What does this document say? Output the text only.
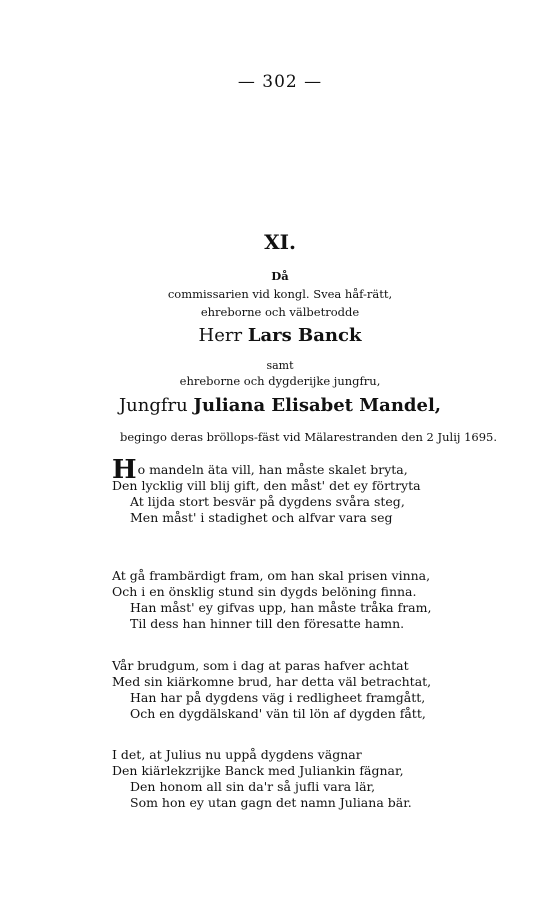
— 302 —
XI.
Då
commissarien vid kongl. Svea håf-rätt,
ehreborne och välbetrodde
Herr Lars Banck
samt
ehreborne och dygderijke jungfru,
Jungfru Juliana Elisabet Mandel,
begingo deras bröllops-fäst vid Mälarestranden den 2 Julij 1695.
Ho mandeln äta vill, han måste skalet bryta,
Den lycklig vill blij gift, den måst' det ey förtryta
At lijda stort besvär på dygdens svåra steg,
Men måst' i stadighet och alfvar vara seg
At gå frambärdigt fram, om han skal prisen vinna,
Och i en önsklig stund sin dygds belöning finna.
Han måst' ey gifvas upp, han måste tråka fram,
Til dess han hinner till den föresatte hamn.
Vår brudgum, som i dag at paras hafver achtat
Med sin kiärkomne brud, har detta väl betrachtat,
Han har på dygdens väg i redligheet framgått,
Och en dygdälskand' vän til lön af dygden fått,
I det, at Julius nu uppå dygdens vägnar
Den kiärlekzrijke Banck med Juliankin fägnar,
Den honom all sin da'r så jufli vara lär,
Som hon ey utan gagn det namn Juliana bär.
